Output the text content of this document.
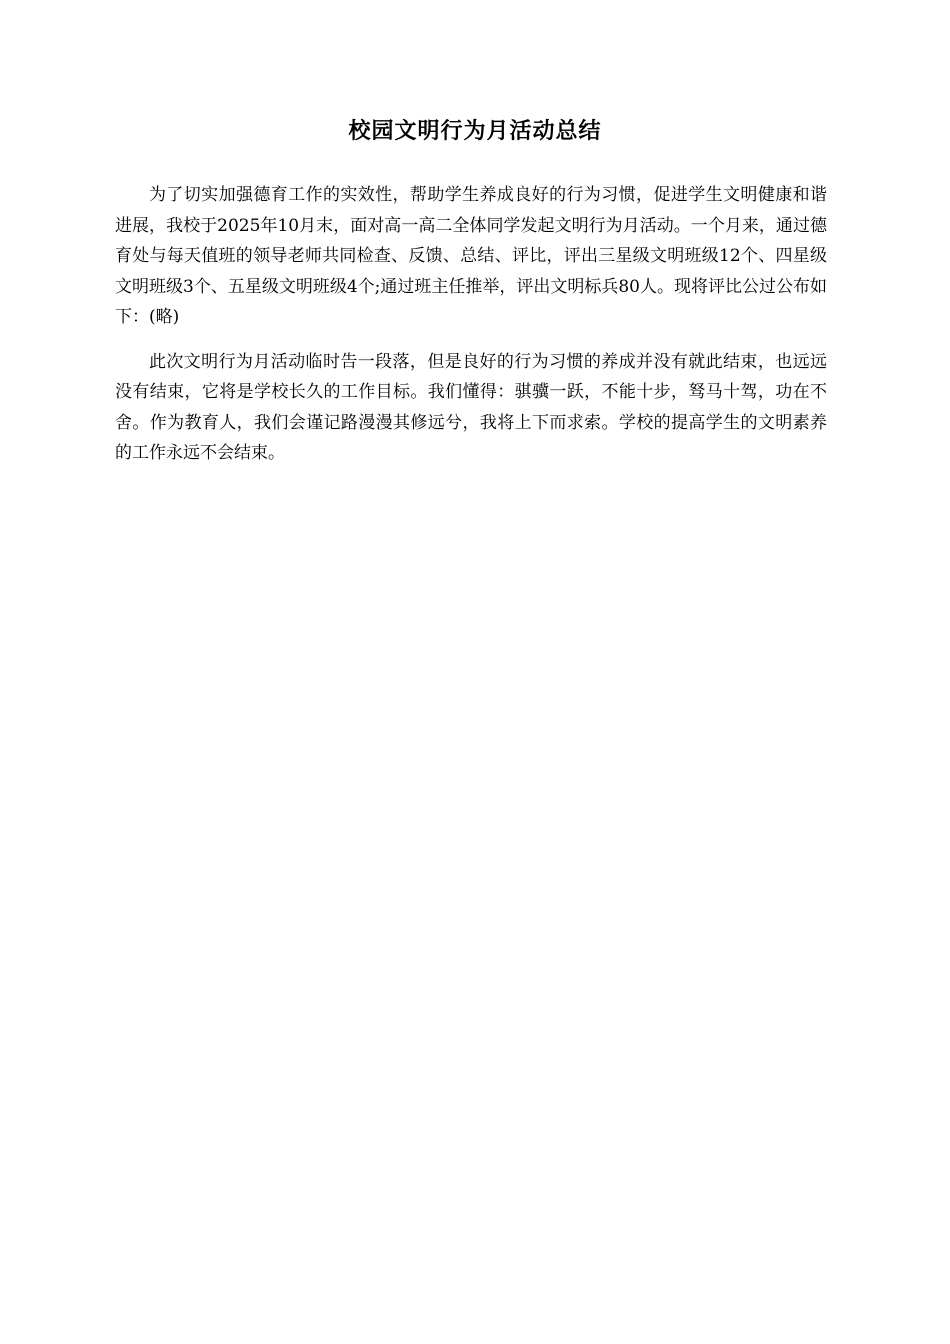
校园文明行为月活动总结

为了切实加强德育工作的实效性，帮助学生养成良好的行为习惯，促进学生文明健康和谐进展，我校于2025年10月末，面对高一高二全体同学发起文明行为月活动。一个月来，通过德育处与每天值班的领导老师共同检查、反馈、总结、评比，评出三星级文明班级12个、四星级文明班级3个、五星级文明班级4个;通过班主任推举，评出文明标兵80人。现将评比公过公布如下：(略)

此次文明行为月活动临时告一段落，但是良好的行为习惯的养成并没有就此结束，也远远没有结束，它将是学校长久的工作目标。我们懂得：骐骥一跃，不能十步，驽马十驾，功在不舍。作为教育人，我们会谨记路漫漫其修远兮，我将上下而求索。学校的提高学生的文明素养的工作永远不会结束。
